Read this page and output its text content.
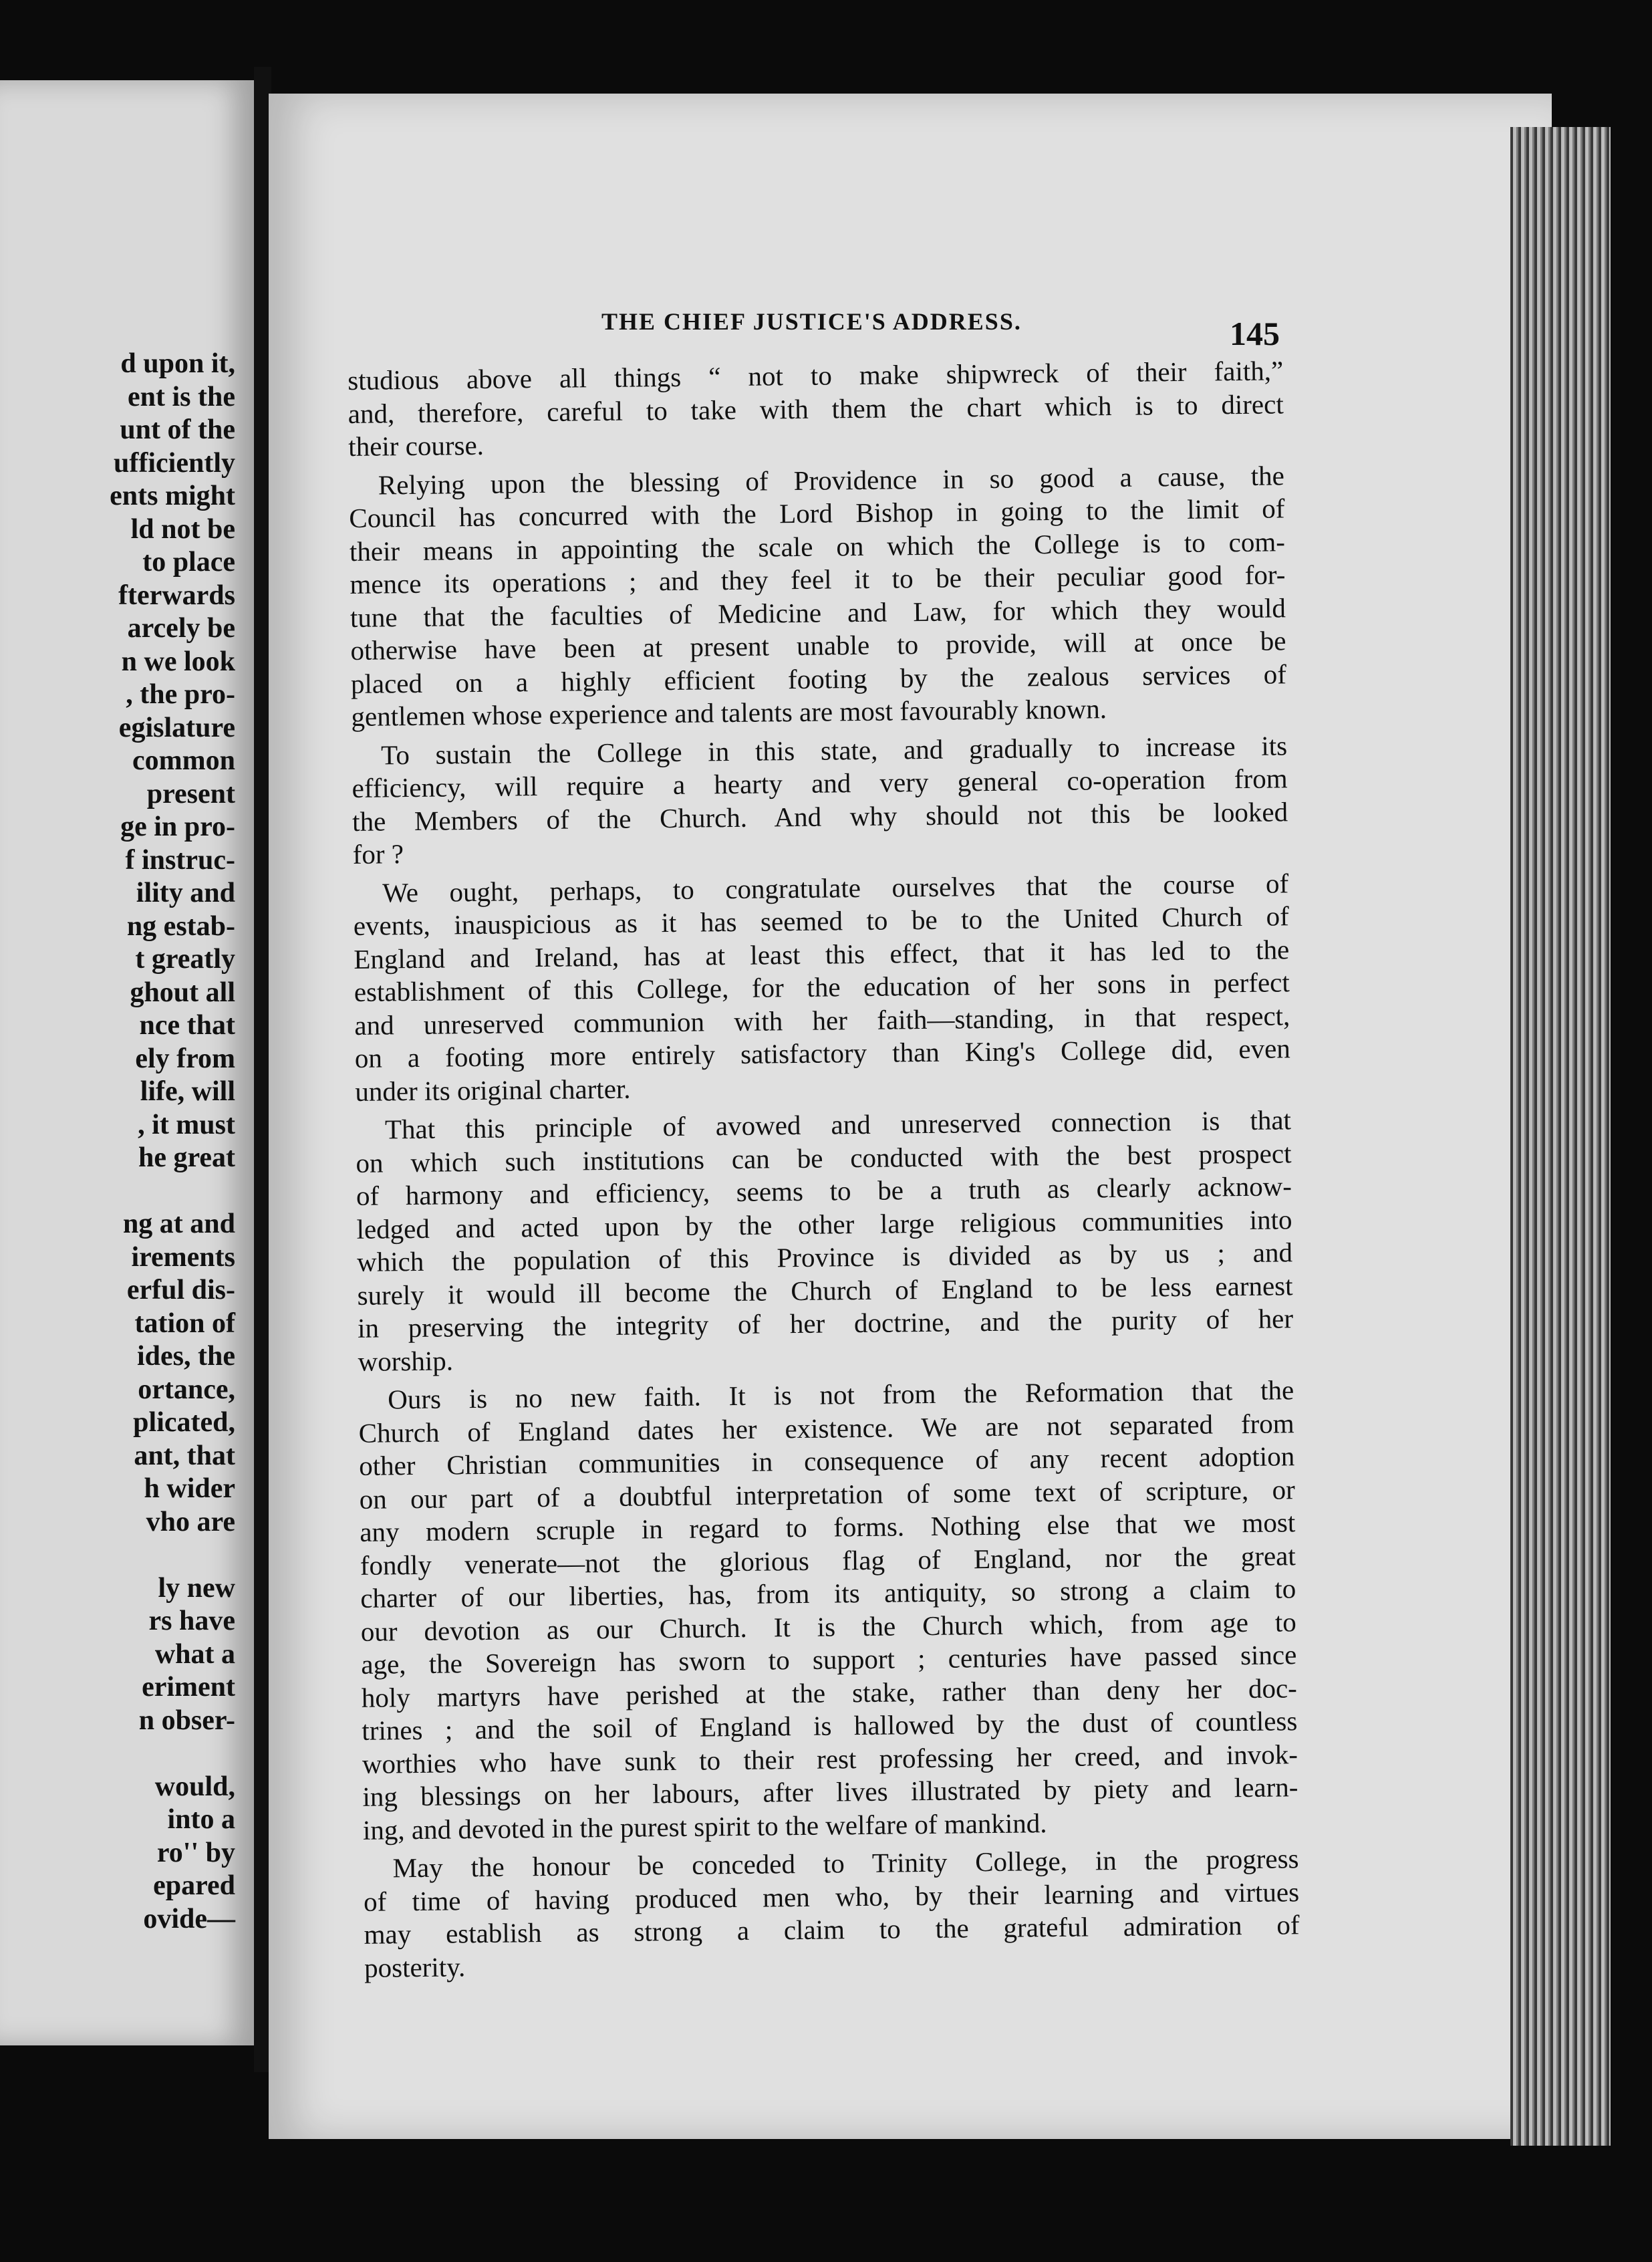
d upon it,
ent is the
unt of the
ufficiently
ents might
ld not be
to place
fterwards
arcely be
n we look
, the pro-
egislature
common
present
ge in pro-
f instruc-
ility and
ng estab-
t greatly
ghout all
nce that
ely from
life, will
, it must
he great

ng at and
irements
erful dis-
tation of
ides, the
ortance,
plicated,
ant, that
h wider
vho are

ly new
rs have
what a
eriment
n obser-

would,
into a
ro'' by
epared
ovide—
THE CHIEF JUSTICE'S ADDRESS.	145
studious above all things “ not to make shipwreck of their faith,”
and, therefore, careful to take with them the chart which is to direct
their course.
Relying upon the blessing of Providence in so good a cause, the
Council has concurred with the Lord Bishop in going to the limit of
their means in appointing the scale on which the College is to com-
mence its operations ; and they feel it to be their peculiar good for-
tune that the faculties of Medicine and Law, for which they would
otherwise have been at present unable to provide, will at once be
placed on a highly efficient footing by the zealous services of
gentlemen whose experience and talents are most favourably known.
To sustain the College in this state, and gradually to increase its
efficiency, will require a hearty and very general co-operation from
the Members of the Church. And why should not this be looked
for ?
We ought, perhaps, to congratulate ourselves that the course of
events, inauspicious as it has seemed to be to the United Church of
England and Ireland, has at least this effect, that it has led to the
establishment of this College, for the education of her sons in perfect
and unreserved communion with her faith—standing, in that respect,
on a footing more entirely satisfactory than King's College did, even
under its original charter.
That this principle of avowed and unreserved connection is that
on which such institutions can be conducted with the best prospect
of harmony and efficiency, seems to be a truth as clearly acknow-
ledged and acted upon by the other large religious communities into
which the population of this Province is divided as by us ; and
surely it would ill become the Church of England to be less earnest
in preserving the integrity of her doctrine, and the purity of her
worship.
Ours is no new faith. It is not from the Reformation that the
Church of England dates her existence. We are not separated from
other Christian communities in consequence of any recent adoption
on our part of a doubtful interpretation of some text of scripture, or
any modern scruple in regard to forms. Nothing else that we most
fondly venerate—not the glorious flag of England, nor the great
charter of our liberties, has, from its antiquity, so strong a claim to
our devotion as our Church. It is the Church which, from age to
age, the Sovereign has sworn to support ; centuries have passed since
holy martyrs have perished at the stake, rather than deny her doc-
trines ; and the soil of England is hallowed by the dust of countless
worthies who have sunk to their rest professing her creed, and invok-
ing blessings on her labours, after lives illustrated by piety and learn-
ing, and devoted in the purest spirit to the welfare of mankind.
May the honour be conceded to Trinity College, in the progress
of time of having produced men who, by their learning and virtues
may establish as strong a claim to the grateful admiration of
posterity.
